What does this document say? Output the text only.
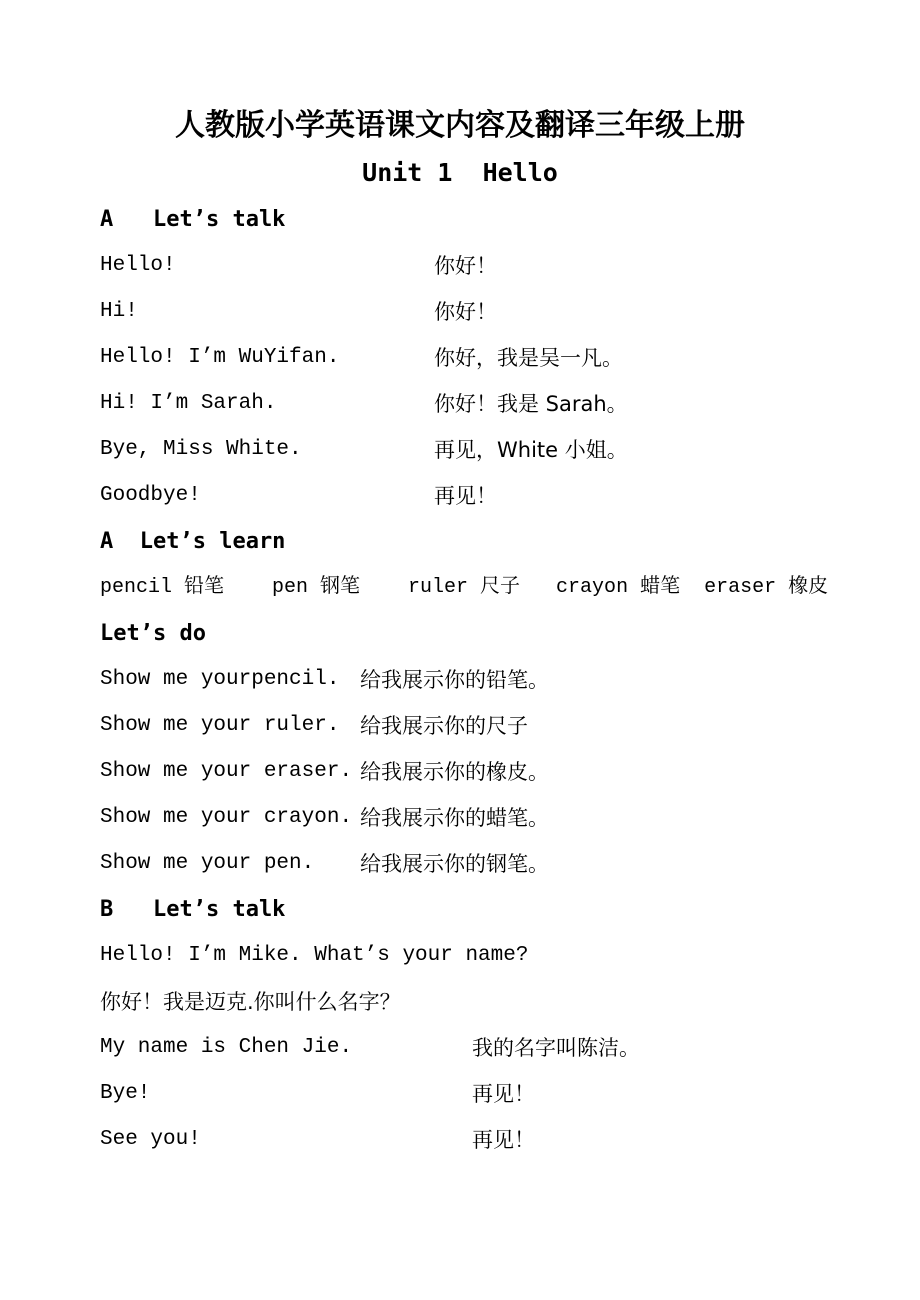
人教版小学英语课文内容及翻译三年级上册
Unit 1  Hello
A   Let’s talk

Hello!

	你好！

Hi!

	你好！

Hello! I’m WuYifan.

	你好，我是吴一凡。

Hi! I’m Sarah.

	你好！我是 Sarah。

Bye, Miss White.

	再见，White 小姐。

Goodbye!

	再见！

A  Let’s learn
pencil 铅笔    pen 钢笔    ruler 尺子   crayon 蜡笔  eraser 橡皮
Let’s do

Show me yourpencil.

给我展示你的铅笔。

Show me your ruler.

给我展示你的尺子

Show me your eraser.

给我展示你的橡皮。

Show me your crayon.

给我展示你的蜡笔。

Show me your pen.

给我展示你的钢笔。

B   Let’s talk
Hello! I’m Mike. What’s your name?
你好！我是迈克.你叫什么名字？

My name is Chen Jie.

	我的名字叫陈洁。

Bye!

	再见！

See you!

	再见！
